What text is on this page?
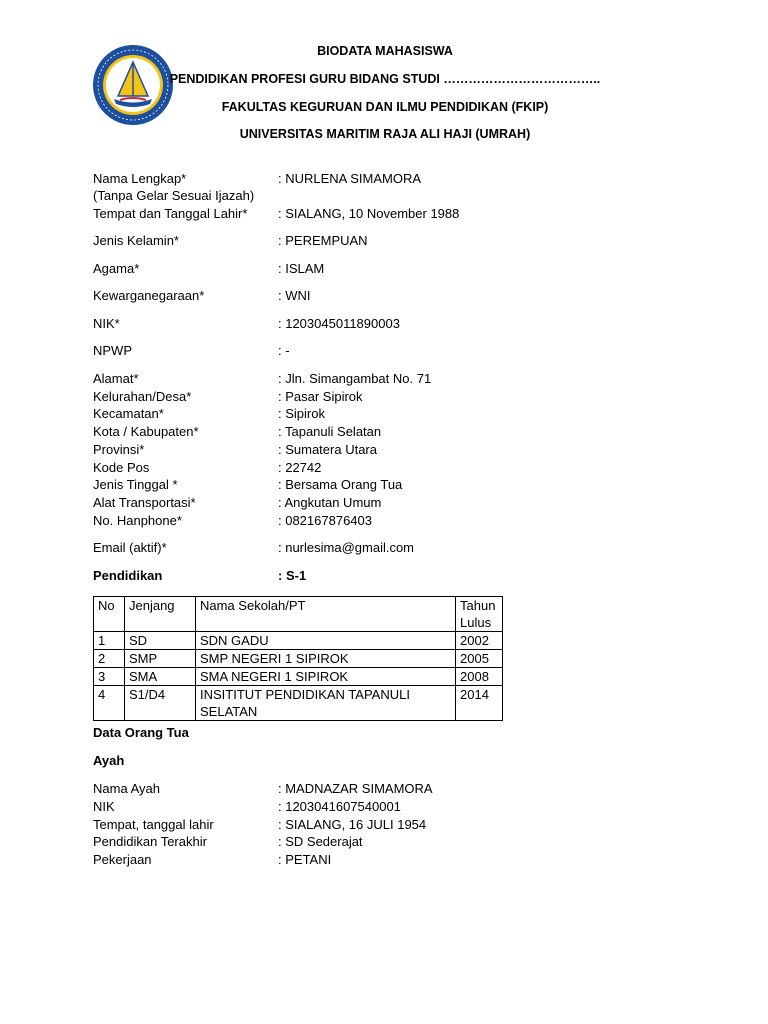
BIODATA MAHASISWA
PENDIDIKAN PROFESI GURU BIDANG STUDI ………………………………..
FAKULTAS KEGURUAN DAN ILMU PENDIDIKAN (FKIP)
UNIVERSITAS MARITIM RAJA ALI HAJI (UMRAH)
Nama Lengkap*	: NURLENA SIMAMORA
(Tanpa Gelar Sesuai Ijazah)
Tempat dan Tanggal Lahir* : SIALANG, 10 November 1988
Jenis Kelamin*	: PEREMPUAN
Agama*	: ISLAM
Kewarganegaraan*	: WNI
NIK*	: 1203045011890003
NPWP	: -
Alamat*	: Jln. Simangambat No. 71
Kelurahan/Desa*	: Pasar Sipirok
Kecamatan*	: Sipirok
Kota / Kabupaten*	: Tapanuli Selatan
Provinsi*	: Sumatera Utara
Kode Pos	: 22742
Jenis Tinggal *	: Bersama Orang Tua
Alat Transportasi*	: Angkutan Umum
No. Hanphone*	: 082167876403
Email (aktif)*	: nurlesima@gmail.com
Pendidikan	: S-1
No	Jenjang	Nama Sekolah/PT	Tahun
Lulus
1	SD	SDN GADU	2002
2	SMP	SMP NEGERI 1 SIPIROK	2005
3	SMA	SMA NEGERI 1 SIPIROK	2008
4	S1/D4	INSITITUT PENDIDIKAN TAPANULI SELATAN	2014
Data Orang Tua
Ayah
Nama Ayah	: MADNAZAR SIMAMORA
NIK	: 1203041607540001
Tempat, tanggal lahir	: SIALANG, 16 JULI 1954
Pendidikan Terakhir	: SD Sederajat
Pekerjaan	: PETANI
